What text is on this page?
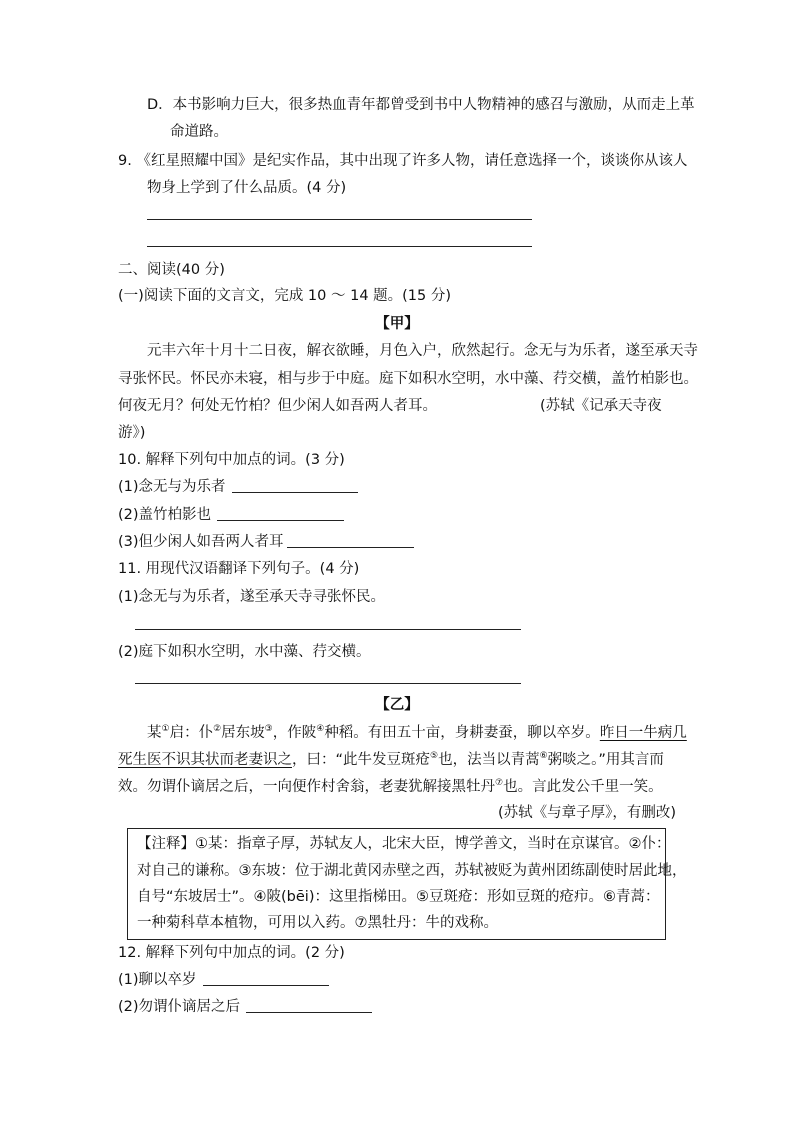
D．本书影响力巨大，很多热血青年都曾受到书中人物精神的感召与激励，从而走上革
命道路。
9. 《红星照耀中国》是纪实作品，其中出现了许多人物，请任意选择一个，谈谈你从该人
物身上学到了什么品质。(4 分)
二、阅读(40 分)
(一)阅读下面的文言文，完成 10 ～ 14 题。(15 分)
【甲】
元丰六年十月十二日夜，解衣欲睡，月色入户，欣然起行。念无与为乐者，遂至承天寺
寻张怀民。怀民亦未寝，相与步于中庭。庭下如积水空明，水中藻、荇交横，盖竹柏影也。
何夜无月？何处无竹柏？但少闲人如吾两人者耳。	(苏轼《记承天寺夜
游》)
10. 解释下列句中加点的词。(3 分)
(1)念无与为乐者
(2)盖竹柏影也
(3)但少闲人如吾两人者耳
11. 用现代汉语翻译下列句子。(4 分)
(1)念无与为乐者，遂至承天寺寻张怀民。
(2)庭下如积水空明，水中藻、荇交横。
【乙】
某①启：仆②居东坡③，作陂④种稻。有田五十亩，身耕妻蚕，聊以卒岁。昨日一牛病几
死生医不识其状而老妻识之，曰：“此牛发豆斑疮⑤也，法当以青蒿⑥粥啖之。”用其言而
效。勿谓仆谪居之后，一向便作村舍翁，老妻犹解接黑牡丹⑦也。言此发公千里一笑。
(苏轼《与章子厚》，有删改)
【注释】①某：指章子厚，苏轼友人，北宋大臣，博学善文，当时在京谋官。②仆：
对自己的谦称。③东坡：位于湖北黄冈赤壁之西，苏轼被贬为黄州团练副使时居此地，
自号“东坡居士”。④陂(bēi)：这里指梯田。⑤豆斑疮：形如豆斑的疮疖。⑥青蒿：
一种菊科草本植物，可用以入药。⑦黑牡丹：牛的戏称。
12. 解释下列句中加点的词。(2 分)
(1)聊以卒岁
(2)勿谓仆谪居之后
